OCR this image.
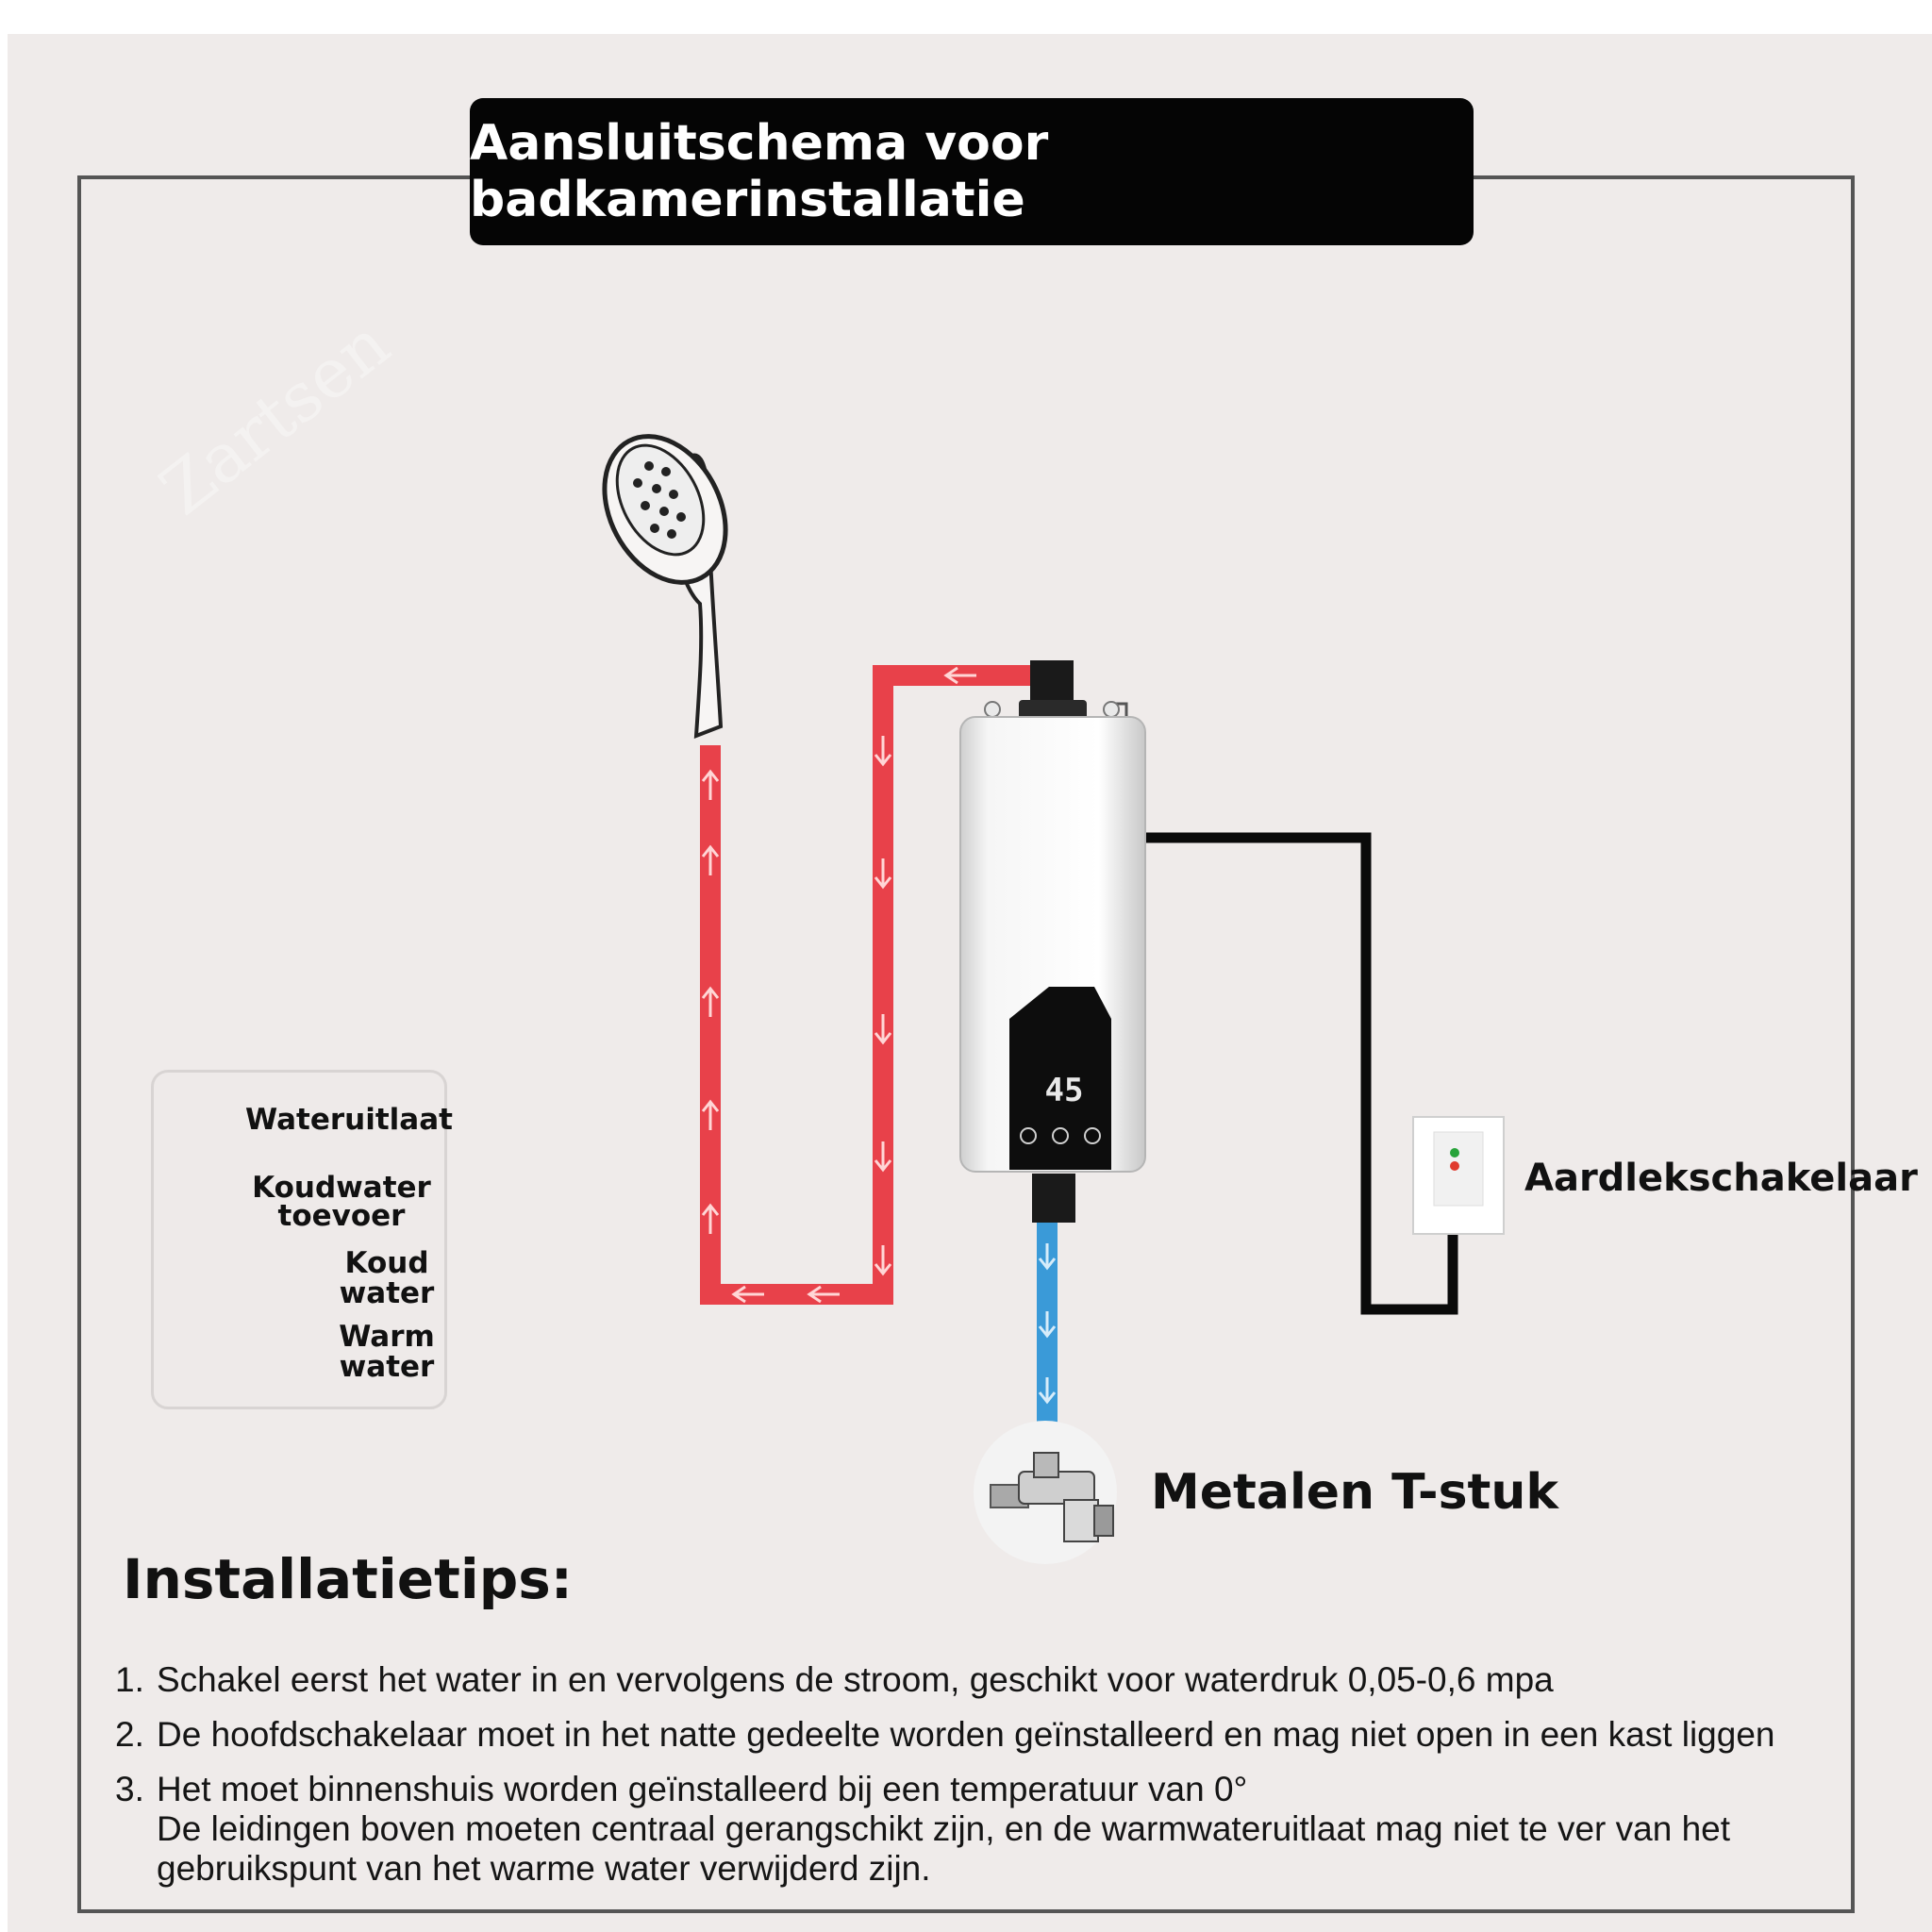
Aansluitschema voor badkamerinstallatie
Zartsen
45
Wateruitlaat
Koudwater
toevoer
Koud
water
Warm
water
Aardlekschakelaar
Metalen T-stuk
Installatietips:
1. Schakel eerst het water in en vervolgens de stroom, geschikt voor waterdruk 0,05-0,6 mpa
2. De hoofdschakelaar moet in het natte gedeelte worden geïnstalleerd en mag niet open in een kast liggen
3. Het moet binnenshuis worden geïnstalleerd bij een temperatuur van 0°
De leidingen boven moeten centraal gerangschikt zijn, en de warmwateruitlaat mag niet te ver van het
gebruikspunt van het warme water verwijderd zijn.
